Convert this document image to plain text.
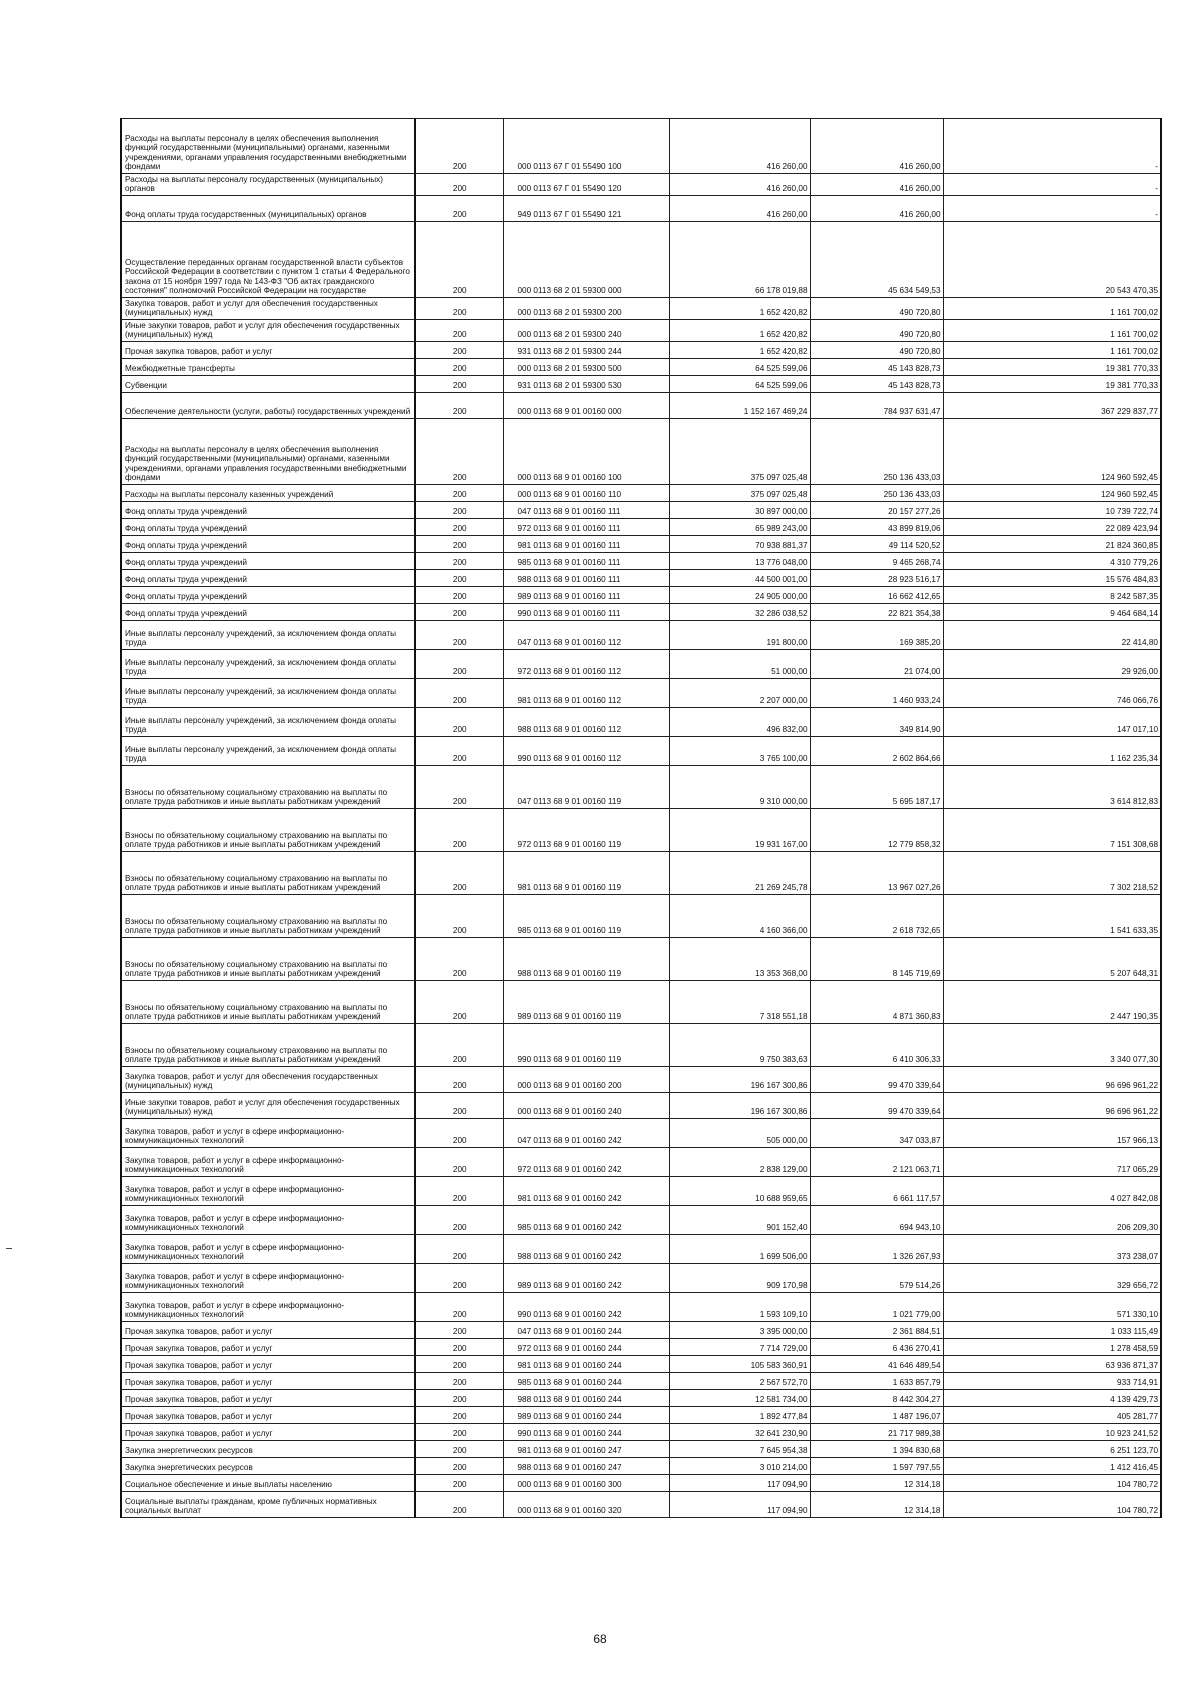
Расходы на выплаты персоналу в целях обеспечения выполнения функций государственными (муниципальными) органами, казенными учреждениями, органами управления государственными внебюджетными фондами	200	000 0113 67 Г 01 55490 100	416 260,00	416 260,00	-
Расходы на выплаты персоналу государственных (муниципальных) органов	200	000 0113 67 Г 01 55490 120	416 260,00	416 260,00	-
Фонд оплаты труда государственных (муниципальных) органов	200	949 0113 67 Г 01 55490 121	416 260,00	416 260,00	-
Осуществление переданных органам государственной власти субъектов Российской Федерации в соответствии с пунктом 1 статьи 4 Федерального закона от 15 ноября 1997 года № 143-ФЗ "Об актах гражданского состояния" полномочий Российской Федерации на государстве	200	000 0113 68 2 01 59300 000	66 178 019,88	45 634 549,53	20 543 470,35
Закупка товаров, работ и услуг для обеспечения государственных (муниципальных) нужд	200	000 0113 68 2 01 59300 200	1 652 420,82	490 720,80	1 161 700,02
Иные закупки товаров, работ и услуг для обеспечения государственных (муниципальных) нужд	200	000 0113 68 2 01 59300 240	1 652 420,82	490 720,80	1 161 700,02
Прочая закупка товаров, работ и услуг	200	931 0113 68 2 01 59300 244	1 652 420,82	490 720,80	1 161 700,02
Межбюджетные трансферты	200	000 0113 68 2 01 59300 500	64 525 599,06	45 143 828,73	19 381 770,33
Субвенции	200	931 0113 68 2 01 59300 530	64 525 599,06	45 143 828,73	19 381 770,33
Обеспечение деятельности (услуги, работы) государственных учреждений	200	000 0113 68 9 01 00160 000	1 152 167 469,24	784 937 631,47	367 229 837,77
Расходы на выплаты персоналу в целях обеспечения выполнения функций государственными (муниципальными) органами, казенными учреждениями, органами управления государственными внебюджетными фондами	200	000 0113 68 9 01 00160 100	375 097 025,48	250 136 433,03	124 960 592,45
Расходы на выплаты персоналу казенных учреждений	200	000 0113 68 9 01 00160 110	375 097 025,48	250 136 433,03	124 960 592,45
Фонд оплаты труда учреждений	200	047 0113 68 9 01 00160 111	30 897 000,00	20 157 277,26	10 739 722,74
Фонд оплаты труда учреждений	200	972 0113 68 9 01 00160 111	65 989 243,00	43 899 819,06	22 089 423,94
Фонд оплаты труда учреждений	200	981 0113 68 9 01 00160 111	70 938 881,37	49 114 520,52	21 824 360,85
Фонд оплаты труда учреждений	200	985 0113 68 9 01 00160 111	13 776 048,00	9 465 268,74	4 310 779,26
Фонд оплаты труда учреждений	200	988 0113 68 9 01 00160 111	44 500 001,00	28 923 516,17	15 576 484,83
Фонд оплаты труда учреждений	200	989 0113 68 9 01 00160 111	24 905 000,00	16 662 412,65	8 242 587,35
Фонд оплаты труда учреждений	200	990 0113 68 9 01 00160 111	32 286 038,52	22 821 354,38	9 464 684,14
Иные выплаты персоналу учреждений, за исключением фонда оплаты труда	200	047 0113 68 9 01 00160 112	191 800,00	169 385,20	22 414,80
Иные выплаты персоналу учреждений, за исключением фонда оплаты труда	200	972 0113 68 9 01 00160 112	51 000,00	21 074,00	29 926,00
Иные выплаты персоналу учреждений, за исключением фонда оплаты труда	200	981 0113 68 9 01 00160 112	2 207 000,00	1 460 933,24	746 066,76
Иные выплаты персоналу учреждений, за исключением фонда оплаты труда	200	988 0113 68 9 01 00160 112	496 832,00	349 814,90	147 017,10
Иные выплаты персоналу учреждений, за исключением фонда оплаты труда	200	990 0113 68 9 01 00160 112	3 765 100,00	2 602 864,66	1 162 235,34
Взносы по обязательному социальному страхованию на выплаты по оплате труда работников и иные выплаты работникам учреждений	200	047 0113 68 9 01 00160 119	9 310 000,00	5 695 187,17	3 614 812,83
Взносы по обязательному социальному страхованию на выплаты по оплате труда работников и иные выплаты работникам учреждений	200	972 0113 68 9 01 00160 119	19 931 167,00	12 779 858,32	7 151 308,68
Взносы по обязательному социальному страхованию на выплаты по оплате труда работников и иные выплаты работникам учреждений	200	981 0113 68 9 01 00160 119	21 269 245,78	13 967 027,26	7 302 218,52
Взносы по обязательному социальному страхованию на выплаты по оплате труда работников и иные выплаты работникам учреждений	200	985 0113 68 9 01 00160 119	4 160 366,00	2 618 732,65	1 541 633,35
Взносы по обязательному социальному страхованию на выплаты по оплате труда работников и иные выплаты работникам учреждений	200	988 0113 68 9 01 00160 119	13 353 368,00	8 145 719,69	5 207 648,31
Взносы по обязательному социальному страхованию на выплаты по оплате труда работников и иные выплаты работникам учреждений	200	989 0113 68 9 01 00160 119	7 318 551,18	4 871 360,83	2 447 190,35
Взносы по обязательному социальному страхованию на выплаты по оплате труда работников и иные выплаты работникам учреждений	200	990 0113 68 9 01 00160 119	9 750 383,63	6 410 306,33	3 340 077,30
Закупка товаров, работ и услуг для обеспечения государственных (муниципальных) нужд	200	000 0113 68 9 01 00160 200	196 167 300,86	99 470 339,64	96 696 961,22
Иные закупки товаров, работ и услуг для обеспечения государственных (муниципальных) нужд	200	000 0113 68 9 01 00160 240	196 167 300,86	99 470 339,64	96 696 961,22
Закупка товаров, работ и услуг в сфере информационно-коммуникационных технологий	200	047 0113 68 9 01 00160 242	505 000,00	347 033,87	157 966,13
Закупка товаров, работ и услуг в сфере информационно-коммуникационных технологий	200	972 0113 68 9 01 00160 242	2 838 129,00	2 121 063,71	717 065,29
Закупка товаров, работ и услуг в сфере информационно-коммуникационных технологий	200	981 0113 68 9 01 00160 242	10 688 959,65	6 661 117,57	4 027 842,08
Закупка товаров, работ и услуг в сфере информационно-коммуникационных технологий	200	985 0113 68 9 01 00160 242	901 152,40	694 943,10	206 209,30
Закупка товаров, работ и услуг в сфере информационно-коммуникационных технологий	200	988 0113 68 9 01 00160 242	1 699 506,00	1 326 267,93	373 238,07
Закупка товаров, работ и услуг в сфере информационно-коммуникационных технологий	200	989 0113 68 9 01 00160 242	909 170,98	579 514,26	329 656,72
Закупка товаров, работ и услуг в сфере информационно-коммуникационных технологий	200	990 0113 68 9 01 00160 242	1 593 109,10	1 021 779,00	571 330,10
Прочая закупка товаров, работ и услуг	200	047 0113 68 9 01 00160 244	3 395 000,00	2 361 884,51	1 033 115,49
Прочая закупка товаров, работ и услуг	200	972 0113 68 9 01 00160 244	7 714 729,00	6 436 270,41	1 278 458,59
Прочая закупка товаров, работ и услуг	200	981 0113 68 9 01 00160 244	105 583 360,91	41 646 489,54	63 936 871,37
Прочая закупка товаров, работ и услуг	200	985 0113 68 9 01 00160 244	2 567 572,70	1 633 857,79	933 714,91
Прочая закупка товаров, работ и услуг	200	988 0113 68 9 01 00160 244	12 581 734,00	8 442 304,27	4 139 429,73
Прочая закупка товаров, работ и услуг	200	989 0113 68 9 01 00160 244	1 892 477,84	1 487 196,07	405 281,77
Прочая закупка товаров, работ и услуг	200	990 0113 68 9 01 00160 244	32 641 230,90	21 717 989,38	10 923 241,52
Закупка энергетических ресурсов	200	981 0113 68 9 01 00160 247	7 645 954,38	1 394 830,68	6 251 123,70
Закупка энергетических ресурсов	200	988 0113 68 9 01 00160 247	3 010 214,00	1 597 797,55	1 412 416,45
Социальное обеспечение и иные выплаты населению	200	000 0113 68 9 01 00160 300	117 094,90	12 314,18	104 780,72
Социальные выплаты гражданам, кроме публичных нормативных социальных выплат	200	000 0113 68 9 01 00160 320	117 094,90	12 314,18	104 780,72
68
